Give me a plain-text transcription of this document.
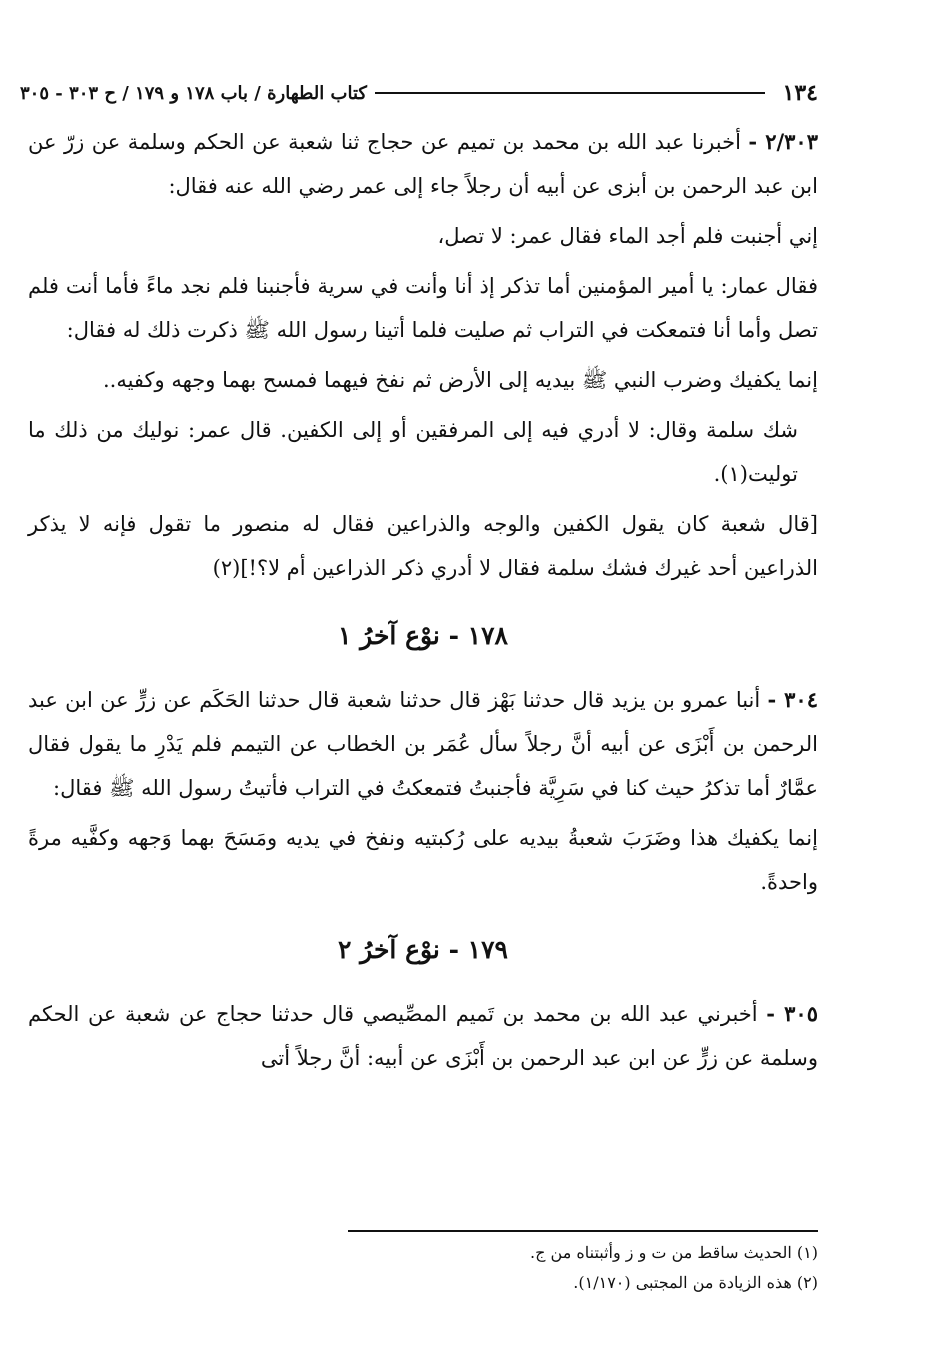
١٣٤
كتاب الطهارة / باب ١٧٨ و ١٧٩ / ح ٣٠٣ - ٣٠٥

٢/٣٠٣ - أخبرنا عبد الله بن محمد بن تميم عن حجاج ثنا شعبة عن الحكم وسلمة عن زرّ عن ابن عبد الرحمن بن أبزى عن أبيه أن رجلاً جاء إلى عمر رضي الله عنه فقال:

إني أجنبت فلم أجد الماء فقال عمر: لا تصل،

فقال عمار: يا أمير المؤمنين أما تذكر إذ أنا وأنت في سرية فأجنبنا فلم نجد ماءً فأما أنت فلم تصل وأما أنا فتمعكت في التراب ثم صليت فلما أتينا رسول الله ﷺ ذكرت ذلك له فقال:

إنما يكفيك وضرب النبي ﷺ بيديه إلى الأرض ثم نفخ فيهما فمسح بهما وجهه وكفيه..

شك سلمة وقال: لا أدري فيه إلى المرفقين أو إلى الكفين. قال عمر: نوليك من ذلك ما توليت(١).

[قال شعبة كان يقول الكفين والوجه والذراعين فقال له منصور ما تقول فإنه لا يذكر الذراعين أحد غيرك فشك سلمة فقال لا أدري ذكر الذراعين أم لا؟!](٢)

١٧٨ - نوْع آخرُ ١

٣٠٤ - أنبا عمرو بن يزيد قال حدثنا بَهْز قال حدثنا شعبة قال حدثنا الحَكَم عن زرٍّ عن ابن عبد الرحمن بن أَبْزَى عن أبيه أنَّ رجلاً سأل عُمَر بن الخطاب عن التيمم فلم يَدْرِ ما يقول فقال عمَّارٌ أما تذكرُ حيث كنا في سَرِيَّة فأجنبتُ فتمعكتُ في التراب فأتيتُ رسول الله ﷺ فقال:

إنما يكفيك هذا وضَرَبَ شعبةُ بيديه على رُكبتيه ونفخ في يديه ومَسَحَ بهما وَجهه وكفَّيه مرةً واحدةً.

١٧٩ - نوْع آخرُ ٢

٣٠٥ - أخبرني عبد الله بن محمد بن تَميم المصِّيصي قال حدثنا حجاج عن شعبة عن الحكم وسلمة عن زرٍّ عن ابن عبد الرحمن بن أَبْزَى عن أبيه: أنَّ رجلاً أتى

(١) الحديث ساقط من ت و ز وأثبتناه من ج.
(٢) هذه الزيادة من المجتبى (١/١٧٠).
